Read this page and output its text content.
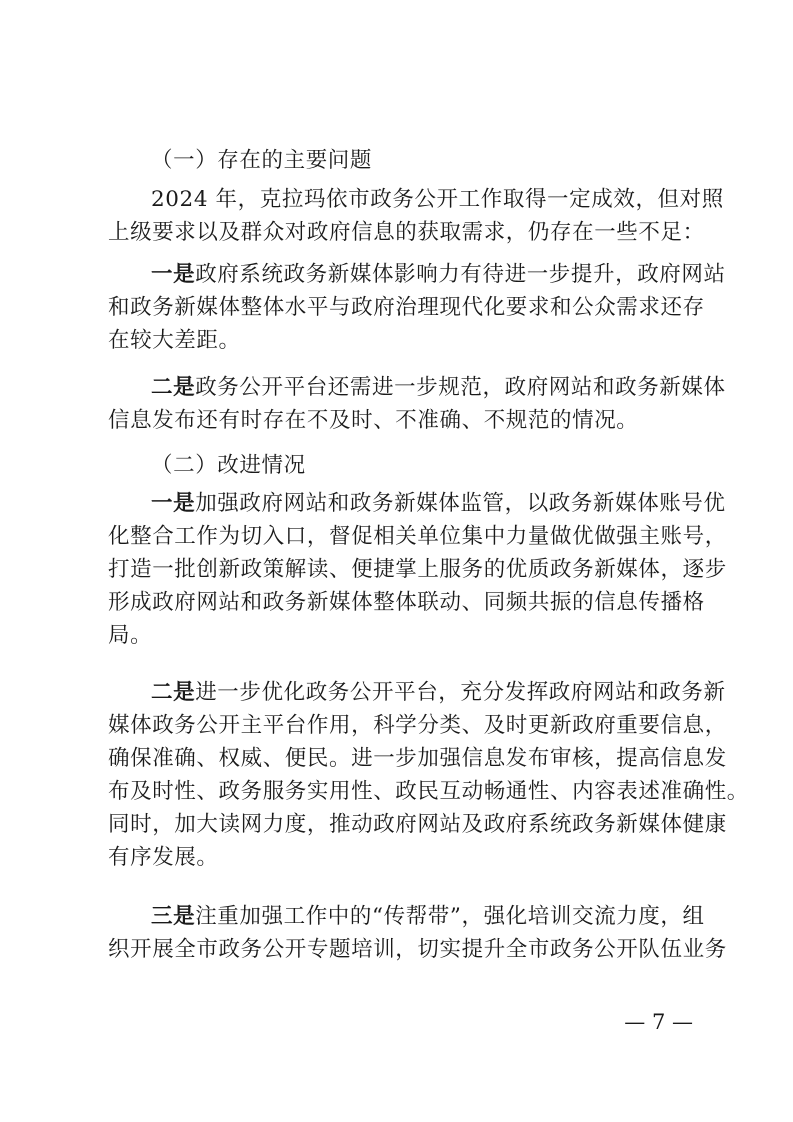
（一）存在的主要问题
2024 年，克拉玛依市政务公开工作取得一定成效，但对照
上级要求以及群众对政府信息的获取需求，仍存在一些不足：
一是政府系统政务新媒体影响力有待进一步提升，政府网站
和政务新媒体整体水平与政府治理现代化要求和公众需求还存
在较大差距。
二是政务公开平台还需进一步规范，政府网站和政务新媒体
信息发布还有时存在不及时、不准确、不规范的情况。
（二）改进情况
一是加强政府网站和政务新媒体监管，以政务新媒体账号优
化整合工作为切入口，督促相关单位集中力量做优做强主账号，
打造一批创新政策解读、便捷掌上服务的优质政务新媒体，逐步
形成政府网站和政务新媒体整体联动、同频共振的信息传播格
局。
二是进一步优化政务公开平台，充分发挥政府网站和政务新
媒体政务公开主平台作用，科学分类、及时更新政府重要信息，
确保准确、权威、便民。进一步加强信息发布审核，提高信息发
布及时性、政务服务实用性、政民互动畅通性、内容表述准确性。
同时，加大读网力度，推动政府网站及政府系统政务新媒体健康
有序发展。
三是注重加强工作中的“传帮带”，强化培训交流力度，组
织开展全市政务公开专题培训，切实提升全市政务公开队伍业务
— 7 —
